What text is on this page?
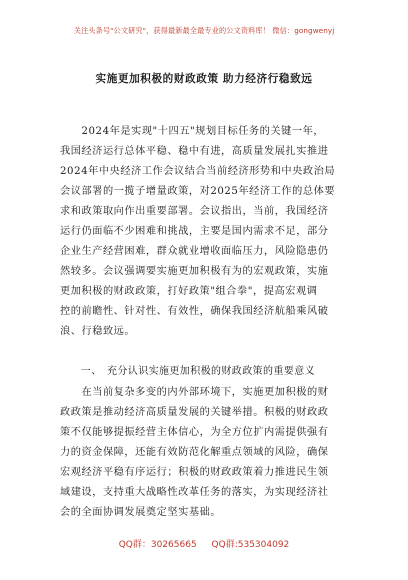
关注头条号"公文研究"，获得最新最全最专业的公文资料库！ 微信：gongwenyj
实施更加积极的财政政策 助力经济行稳致远
　　2024年是实现"十四五"规划目标任务的关键一年，
我国经济运行总体平稳、稳中有进，高质量发展扎实推进
2024年中央经济工作会议结合当前经济形势和中央政治局
会议部署的一揽子增量政策，对2025年经济工作的总体要
求和政策取向作出重要部署。会议指出，当前，我国经济
运行仍面临不少困难和挑战，主要是国内需求不足，部分
企业生产经营困难，群众就业增收面临压力，风险隐患仍
然较多。会议强调要实施更加积极有为的宏观政策，实施
更加积极的财政政策，打好政策"组合拳"，提高宏观调
控的前瞻性、针对性、有效性，确保我国经济航船乘风破
浪、行稳致远。
　　一、　充分认识实施更加积极的财政政策的重要意义
　　在当前复杂多变的内外部环境下，实施更加积极的财
政政策是推动经济高质量发展的关键举措。积极的财政政
策不仅能够提振经营主体信心，为全方位扩内需提供强有
力的资金保障，还能有效防范化解重点领域的风险，确保
宏观经济平稳有序运行；积极的财政政策着力推进民生领
域建设，支持重大战略性改革任务的落实，为实现经济社
会的全面协调发展奠定坚实基础。
QQ群：30265665 QQ群:535304092
